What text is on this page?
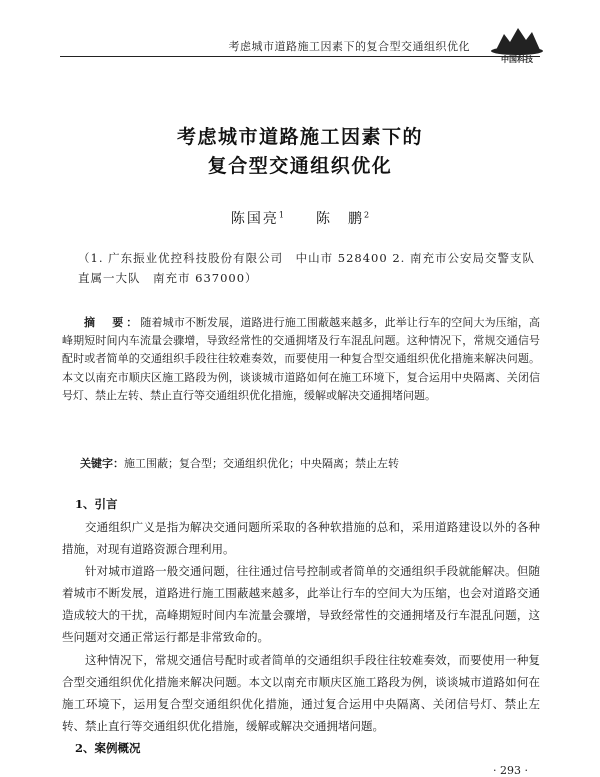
考虑城市道路施工因素下的复合型交通组织优化
中国科技
考虑城市道路施工因素下的
复合型交通组织优化
陈国亮$^1$ 陈　鹏$^2$
（1. 广东振业优控科技股份有限公司　中山市 528400 2. 南充市公安局交警支队直属一大队　南充市 637000）
摘　要：随着城市不断发展，道路进行施工围蔽越来越多，此举让行车的空间大为压缩，高峰期短时间内车流量会骤增，导致经常性的交通拥堵及行车混乱问题。这种情况下，常规交通信号配时或者简单的交通组织手段往往较难奏效，而要使用一种复合型交通组织优化措施来解决问题。本文以南充市顺庆区施工路段为例，谈谈城市道路如何在施工环境下，复合运用中央隔离、关闭信号灯、禁止左转、禁止直行等交通组织优化措施，缓解或解决交通拥堵问题。
关键字：施工围蔽；复合型；交通组织优化；中央隔离；禁止左转
1、引言
交通组织广义是指为解决交通问题所采取的各种软措施的总和，采用道路建设以外的各种措施，对现有道路资源合理利用。
针对城市道路一般交通问题，往往通过信号控制或者简单的交通组织手段就能解决。但随着城市不断发展，道路进行施工围蔽越来越多，此举让行车的空间大为压缩，也会对道路交通造成较大的干扰，高峰期短时间内车流量会骤增，导致经常性的交通拥堵及行车混乱问题，这些问题对交通正常运行都是非常致命的。
这种情况下，常规交通信号配时或者简单的交通组织手段往往较难奏效，而要使用一种复合型交通组织优化措施来解决问题。本文以南充市顺庆区施工路段为例，谈谈城市道路如何在施工环境下，运用复合型交通组织优化措施，通过复合运用中央隔离、关闭信号灯、禁止左转、禁止直行等交通组织优化措施，缓解或解决交通拥堵问题。
2、案例概况
· 293 ·
